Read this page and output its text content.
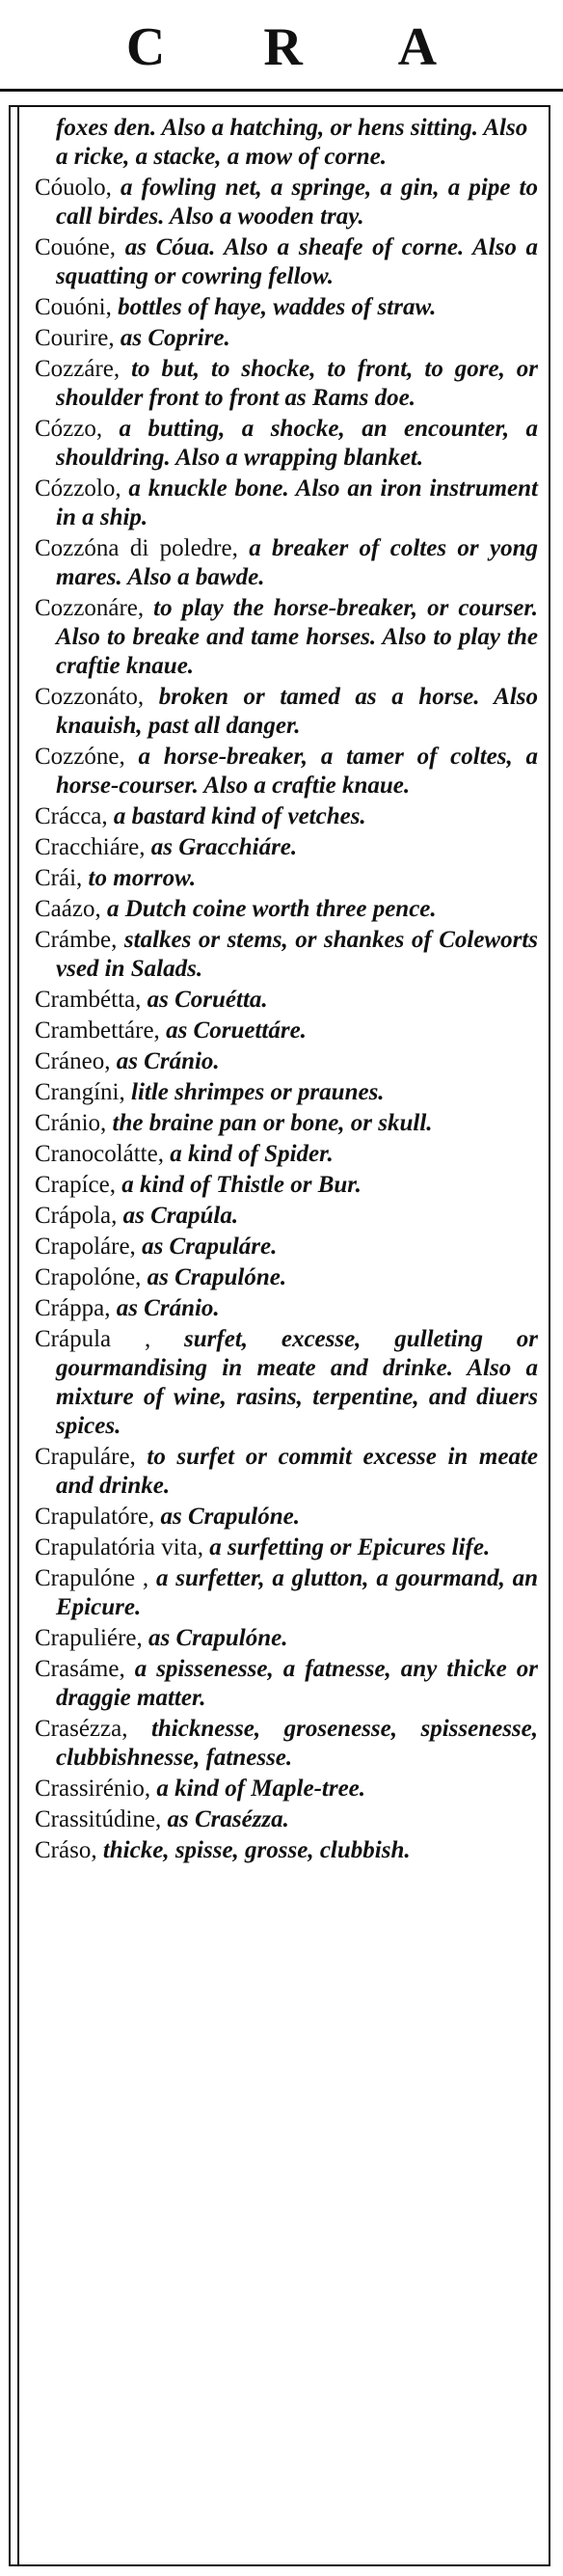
C R A
foxes den. Also a hatching, or hens sitting. Also a ricke, a stacke, a mow of corne.
Cóuolo, a fowling net, a springe, a gin, a pipe to call birdes. Also a wooden tray.
Couóne, as Cóua. Also a sheafe of corne. Also a squatting or cowring fellow.
Couóni, bottles of haye, waddes of straw.
Courire, as Coprire.
Cozzáre, to but, to shocke, to front, to gore, or shoulder front to front as Rams doe.
Cózzo, a butting, a shocke, an encounter, a shouldring. Also a wrapping blanket.
Cózzolo, a knuckle bone. Also an iron instrument in a ship.
Cozzóna di poledre, a breaker of coltes or yong mares. Also a bawde.
Cozzonáre, to play the horse-breaker, or courser. Also to breake and tame horses. Also to play the craftie knaue.
Cozzonáto, broken or tamed as a horse. Also knauish, past all danger.
Cozzóne, a horse-breaker, a tamer of coltes, a horse-courser. Also a craftie knaue.
Crácca, a bastard kind of vetches.
Cracchiáre, as Gracchiáre.
Crái, to morrow.
Caázo, a Dutch coine worth three pence.
Crámbe, stalkes or stems, or shankes of Coleworts vsed in Salads.
Crambétta, as Coruétta.
Crambettáre, as Coruettáre.
Cráneo, as Cránio.
Crangíni, litle shrimpes or praunes.
Cránio, the braine pan or bone, or skull.
Cranocolátte, a kind of Spider.
Crapíce, a kind of Thistle or Bur.
Crápola, as Crapúla.
Crapoláre, as Crapuláre.
Crapolóne, as Crapulóne.
Cráppa, as Cránio.
Crápula , surfet, excesse, gulleting or gourmandising in meate and drinke. Also a mixture of wine, rasins, terpentine, and diuers spices.
Crapuláre, to surfet or commit excesse in meate and drinke.
Crapulatóre, as Crapulóne.
Crapulatória vita, a surfetting or Epicures life.
Crapulóne , a surfetter, a glutton, a gourmand, an Epicure.
Crapuliére, as Crapulóne.
Crasáme, a spissenesse, a fatnesse, any thicke or draggie matter.
Crasézza, thicknesse, grosenesse, spissenesse, clubbishnesse, fatnesse.
Crassirénio, a kind of Maple-tree.
Crassitúdine, as Crasézza.
Cráso, thicke, spisse, grosse, clubbish.
